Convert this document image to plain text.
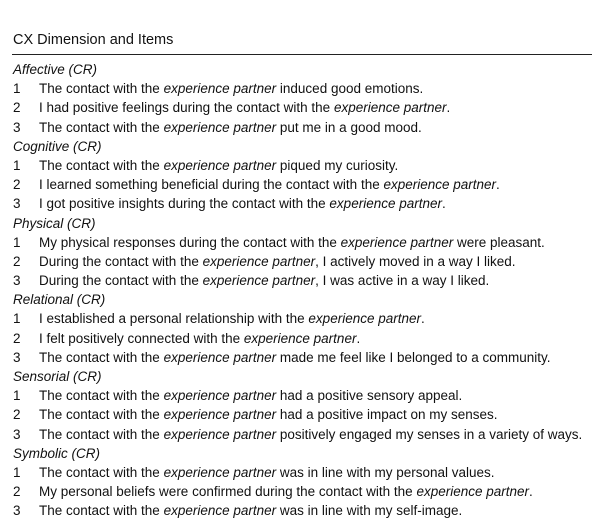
CX Dimension and Items
Affective (CR)
1	The contact with the experience partner induced good emotions.
2	I had positive feelings during the contact with the experience partner.
3	The contact with the experience partner put me in a good mood.
Cognitive (CR)
1	The contact with the experience partner piqued my curiosity.
2	I learned something beneficial during the contact with the experience partner.
3	I got positive insights during the contact with the experience partner.
Physical (CR)
1	My physical responses during the contact with the experience partner were pleasant.
2	During the contact with the experience partner, I actively moved in a way I liked.
3	During the contact with the experience partner, I was active in a way I liked.
Relational (CR)
1	I established a personal relationship with the experience partner.
2	I felt positively connected with the experience partner.
3	The contact with the experience partner made me feel like I belonged to a community.
Sensorial (CR)
1	The contact with the experience partner had a positive sensory appeal.
2	The contact with the experience partner had a positive impact on my senses.
3	The contact with the experience partner positively engaged my senses in a variety of ways.
Symbolic (CR)
1	The contact with the experience partner was in line with my personal values.
2	My personal beliefs were confirmed during the contact with the experience partner.
3	The contact with the experience partner was in line with my self-image.
